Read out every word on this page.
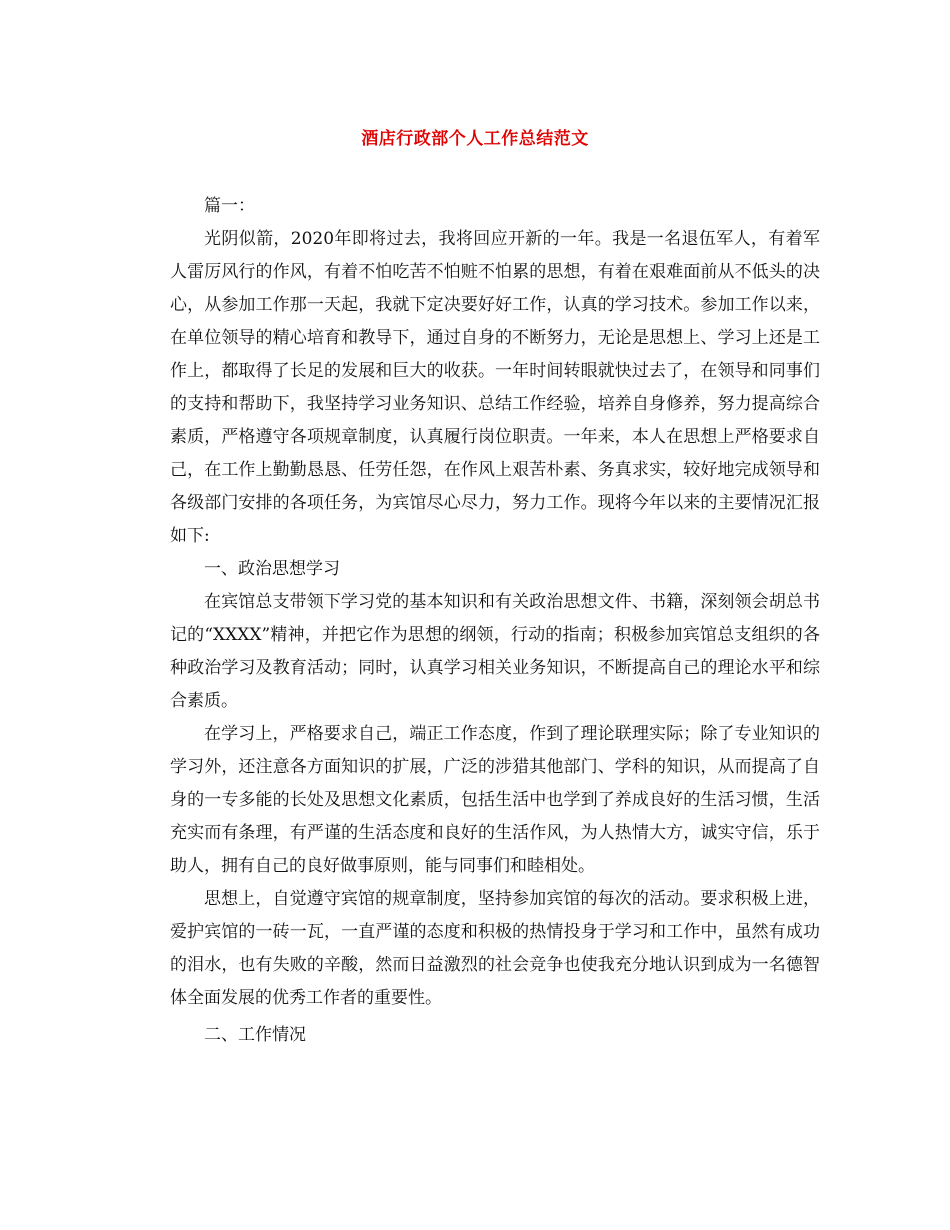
酒店行政部个人工作总结范文

篇一：

光阴似箭，2020年即将过去，我将回应开新的一年。我是一名退伍军人，有着军人雷厉风行的作风，有着不怕吃苦不怕赃不怕累的思想，有着在艰难面前从不低头的决心，从参加工作那一天起，我就下定决要好好工作，认真的学习技术。参加工作以来，在单位领导的精心培育和教导下，通过自身的不断努力，无论是思想上、学习上还是工作上，都取得了长足的发展和巨大的收获。一年时间转眼就快过去了，在领导和同事们的支持和帮助下，我坚持学习业务知识、总结工作经验，培养自身修养，努力提高综合素质，严格遵守各项规章制度，认真履行岗位职责。一年来，本人在思想上严格要求自己，在工作上勤勤恳恳、任劳任怨，在作风上艰苦朴素、务真求实，较好地完成领导和各级部门安排的各项任务，为宾馆尽心尽力，努力工作。现将今年以来的主要情况汇报如下:

一、政治思想学习

在宾馆总支带领下学习党的基本知识和有关政治思想文件、书籍，深刻领会胡总书记的“XXXX”精神，并把它作为思想的纲领，行动的指南；积极参加宾馆总支组织的各种政治学习及教育活动；同时，认真学习相关业务知识，不断提高自己的理论水平和综合素质。

在学习上，严格要求自己，端正工作态度，作到了理论联理实际；除了专业知识的学习外，还注意各方面知识的扩展，广泛的涉猎其他部门、学科的知识，从而提高了自身的一专多能的长处及思想文化素质，包括生活中也学到了养成良好的生活习惯，生活充实而有条理，有严谨的生活态度和良好的生活作风，为人热情大方，诚实守信，乐于助人，拥有自己的良好做事原则，能与同事们和睦相处。

思想上，自觉遵守宾馆的规章制度，坚持参加宾馆的每次的活动。要求积极上进，爱护宾馆的一砖一瓦，一直严谨的态度和积极的热情投身于学习和工作中，虽然有成功的泪水，也有失败的辛酸，然而日益激烈的社会竞争也使我充分地认识到成为一名德智体全面发展的优秀工作者的重要性。

二、工作情况
